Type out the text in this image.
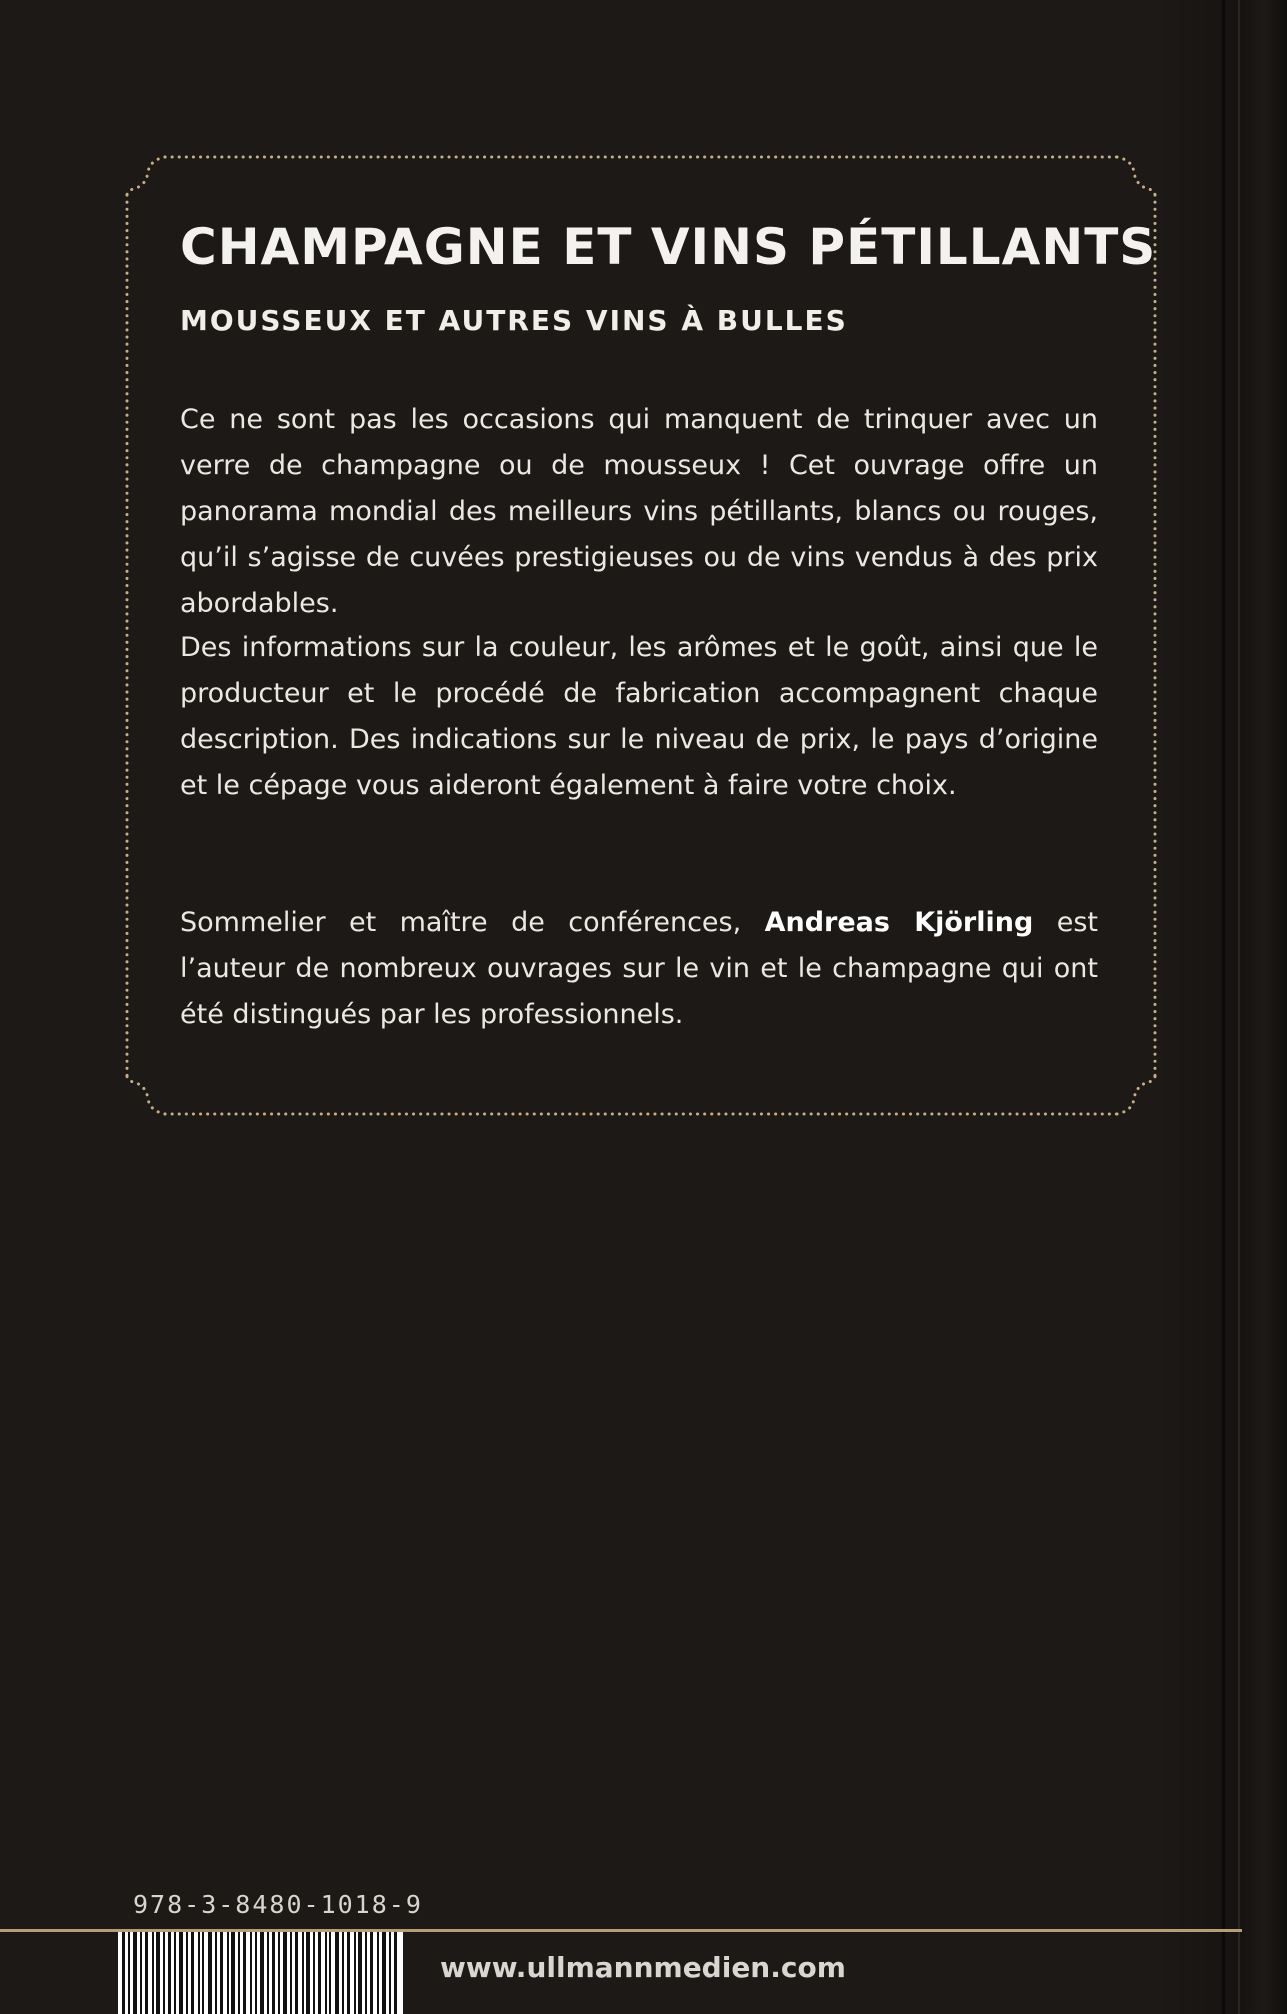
CHAMPAGNE ET VINS PÉTILLANTS
MOUSSEUX ET AUTRES VINS À BULLES

Ce ne sont pas les occasions qui manquent de trinquer avec un verre de champagne ou de mousseux ! Cet ouvrage offre un panorama mondial des meilleurs vins pétillants, blancs ou rouges, qu’il s’agisse de cuvées prestigieuses ou de vins vendus à des prix abordables.

Des informations sur la couleur, les arômes et le goût, ainsi que le producteur et le procédé de fabrication accompagnent chaque description. Des indications sur le niveau de prix, le pays d’origine et le cépage vous aideront également à faire votre choix.

Sommelier et maître de conférences, Andreas Kjörling est l’auteur de nombreux ouvrages sur le vin et le champagne qui ont été distingués par les professionnels.

978-3-8480-1018-9

www.ullmannmedien.com
